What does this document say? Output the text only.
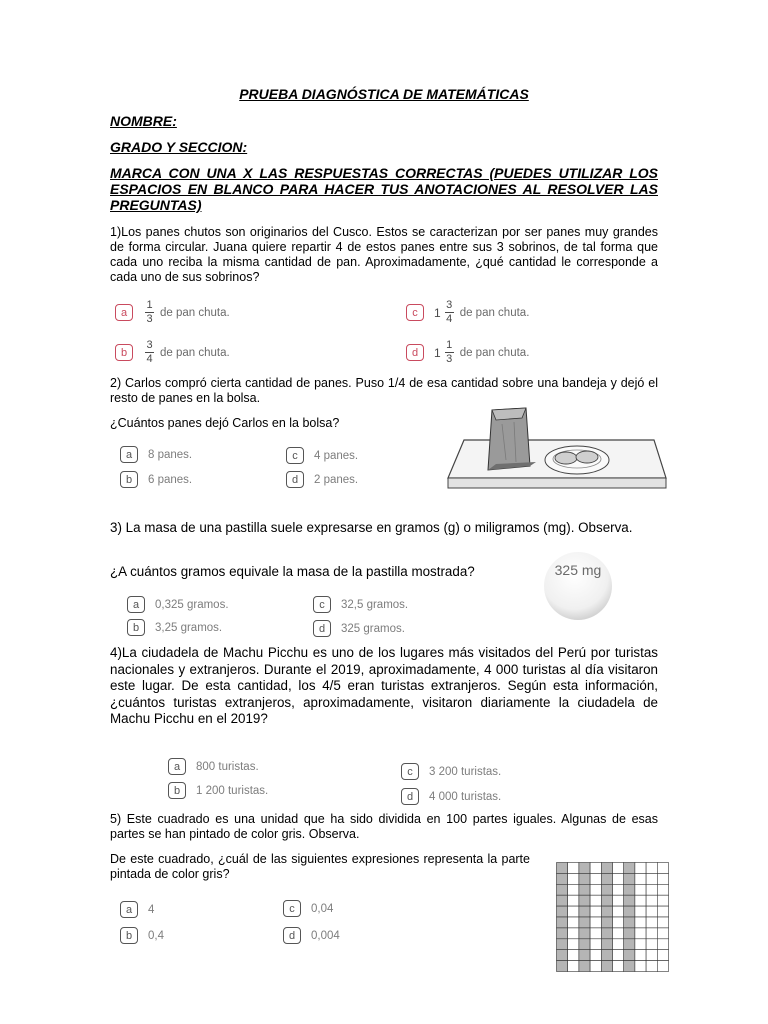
PRUEBA DIAGNÓSTICA DE MATEMÁTICAS
NOMBRE:
GRADO Y SECCION:
MARCA CON UNA X LAS RESPUESTAS CORRECTAS (PUEDES UTILIZAR LOS ESPACIOS EN BLANCO PARA HACER TUS ANOTACIONES AL RESOLVER LAS PREGUNTAS)
1)Los panes chutos son originarios del Cusco. Estos se caracterizan por ser panes muy grandes de forma circular. Juana quiere repartir 4 de estos panes entre sus 3 sobrinos, de tal forma que cada uno reciba la misma cantidad de pan. Aproximadamente, ¿qué cantidad le corresponde a cada uno de sus sobrinos?
a	$\frac{1}{3}$ de pan chuta.
b	$\frac{3}{4}$ de pan chuta.
c	$1 \frac{3}{4}$ de pan chuta.
d	$1 \frac{1}{3}$ de pan chuta.
2) Carlos compró cierta cantidad de panes. Puso 1/4 de esa cantidad sobre una bandeja y dejó el resto de panes en la bolsa.
¿Cuántos panes dejó Carlos en la bolsa?
a	8 panes.
b	6 panes.
c	4 panes.
d	2 panes.
3) La masa de una pastilla suele expresarse en gramos (g) o miligramos (mg). Observa.
¿A cuántos gramos equivale la masa de la pastilla mostrada?	325 mg
a	0,325 gramos.
b	3,25 gramos.
c	32,5 gramos.
d	325 gramos.
4)La ciudadela de Machu Picchu es uno de los lugares más visitados del Perú por turistas nacionales y extranjeros. Durante el 2019, aproximadamente, 4 000 turistas al día visitaron este lugar. De esta cantidad, los 4/5 eran turistas extranjeros. Según esta información, ¿cuántos turistas extranjeros, aproximadamente, visitaron diariamente la ciudadela de Machu Picchu en el 2019?
a	800 turistas.
b	1 200 turistas.
c	3 200 turistas.
d	4 000 turistas.
5) Este cuadrado es una unidad que ha sido dividida en 100 partes iguales. Algunas de esas partes se han pintado de color gris. Observa.
De este cuadrado, ¿cuál de las siguientes expresiones representa la parte pintada de color gris?
a	4
b	0,4
c	0,04
d	0,004
